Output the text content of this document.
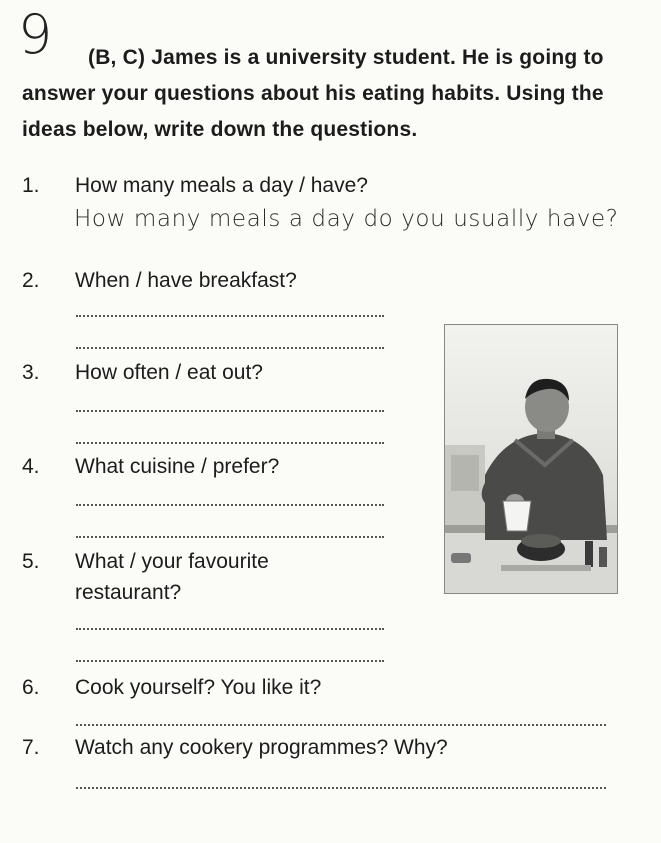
9	(B, C) James is a university student. He is going to answer your questions about his eating habits. Using the ideas below, write down the questions.
1.	How many meals a day / have?
How many meals a day do you usually have?
2.	When / have breakfast?
3.	How often / eat out?
4.	What cuisine / prefer?
5.	What / your favourite
restaurant?
6.	Cook yourself? You like it?
7.	Watch any cookery programmes? Why?
